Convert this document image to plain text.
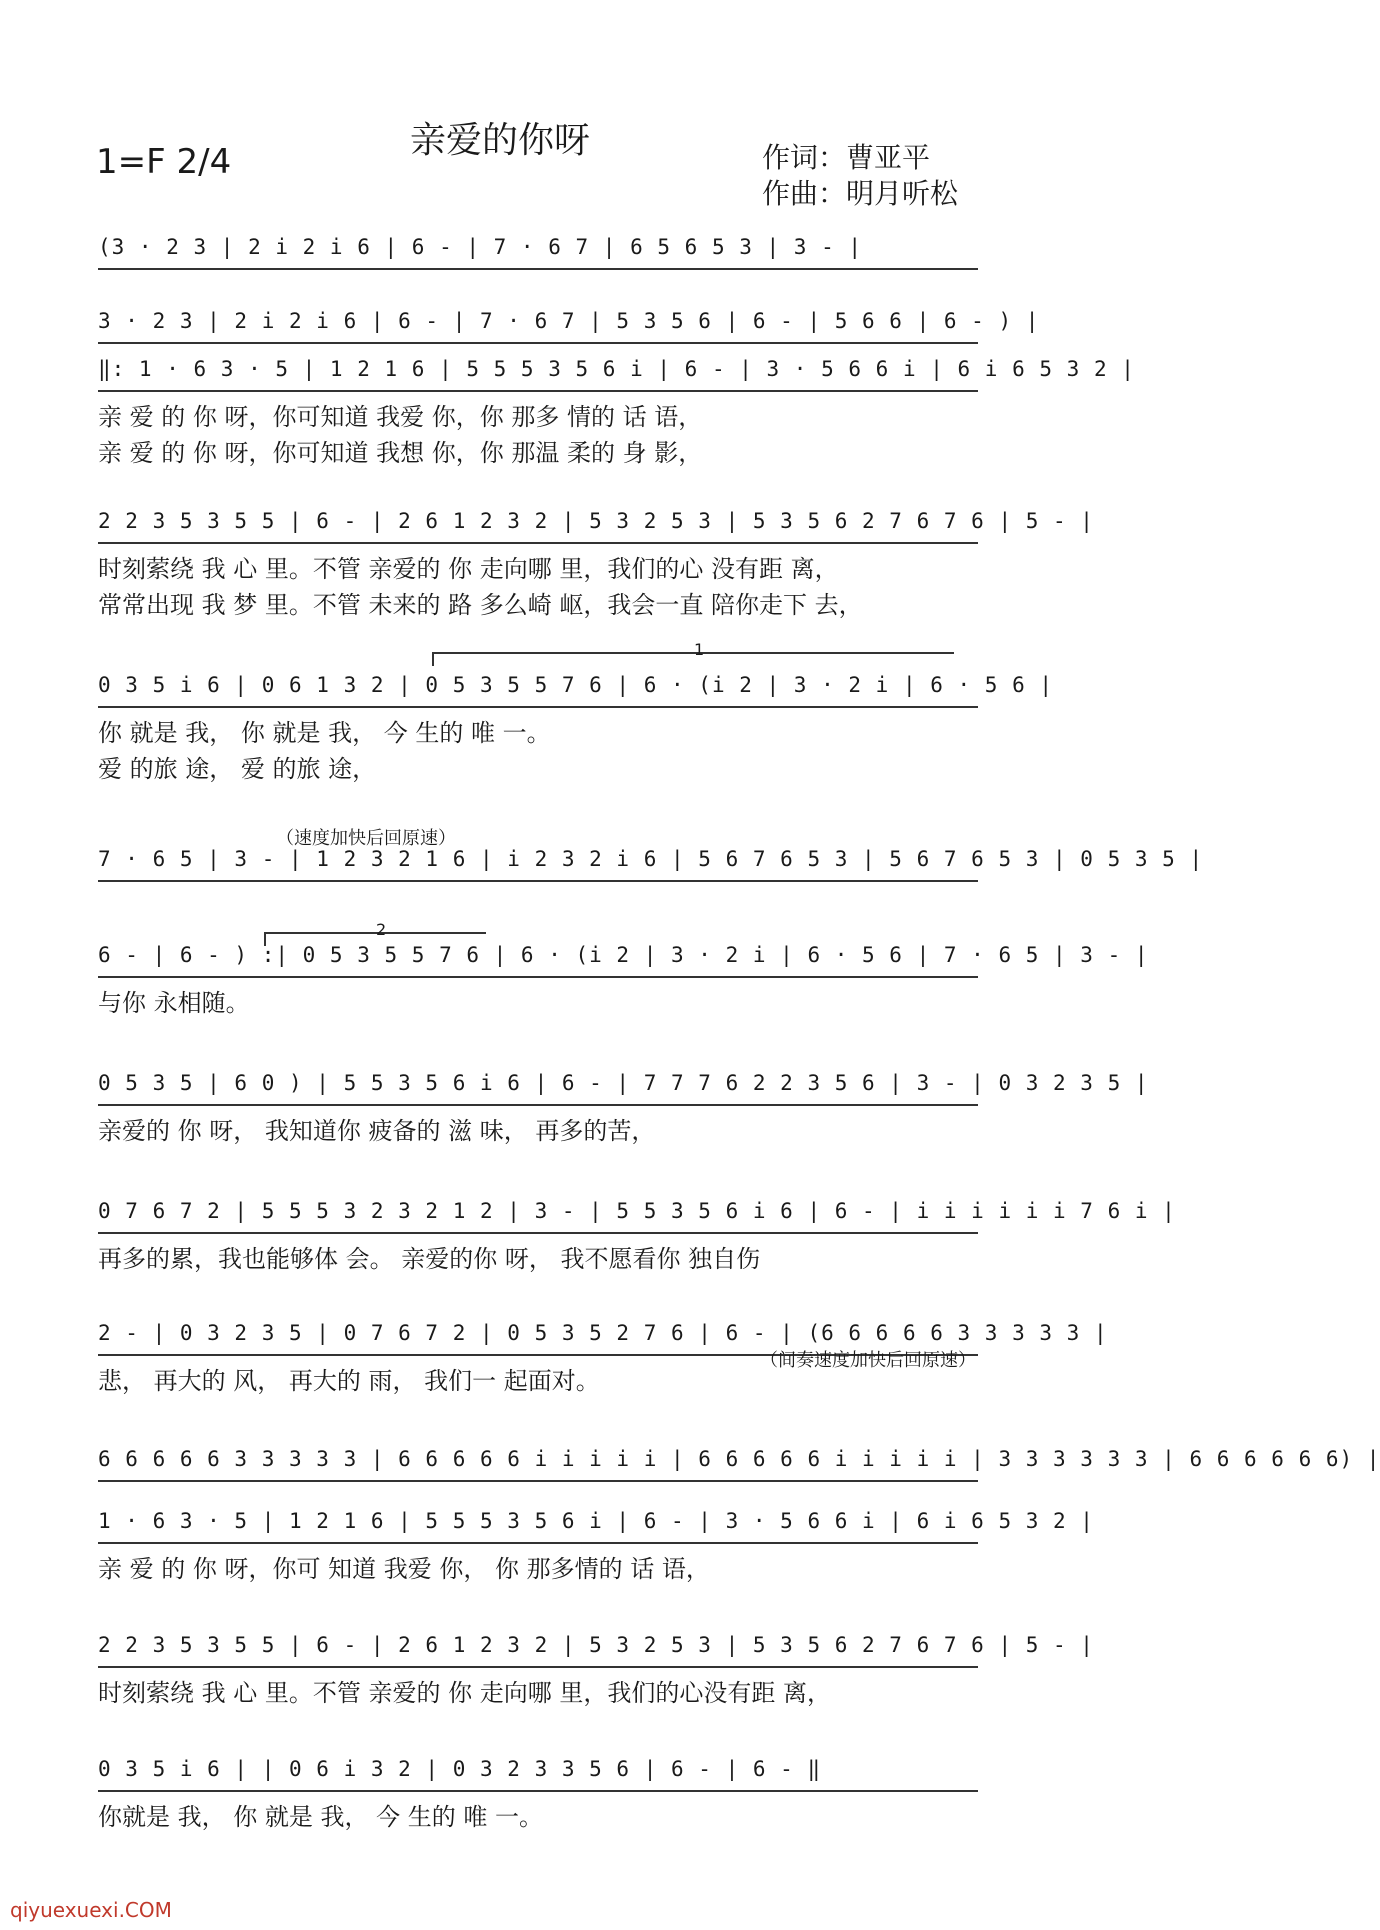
1=F 2/4
亲爱的你呀	作词：曹亚平
作曲：明月听松
(3 · 2 3 | 2 i 2 i 6 | 6 - | 7 · 6 7 | 6 5 6 5 3 | 3 - |
3 · 2 3 | 2 i 2 i 6 | 6 - | 7 · 6 7 | 5 3 5 6 | 6 - | 5 6 6 | 6 - ) |
‖: 1 · 6 3 · 5 | 1 2 1 6 | 5 5 5 3 5 6 i | 6 - | 3 · 5 6 6 i | 6 i 6 5 3 2 |
亲 爱 的 你 呀，你可知道 我爱 你，你 那多 情的 话 语，
亲 爱 的 你 呀，你可知道 我想 你，你 那温 柔的 身 影，
2 2 3 5 3 5 5 | 6 - | 2 6 1 2 3 2 | 5 3 2 5 3 | 5 3 5 6 2 7 6 7 6 | 5 - |
时刻萦绕 我 心 里。不管 亲爱的 你 走向哪 里，我们的心 没有距 离，
常常出现 我 梦 里。不管 未来的 路 多么崎 岖，我会一直 陪你走下 去，
0 3 5 i 6 | 0 6 1 3 2 | 0 5 3 5 5 7 6 | 6 · (i 2 | 3 · 2 i | 6 · 5 6 |
你 就是 我， 你 就是 我， 今 生的 唯 一。
爱 的旅 途， 爱 的旅 途，
7 · 6 5 | 3 - | 1 2 3 2 1 6 | i 2 3 2 i 6 | 5 6 7 6 5 3 | 5 6 7 6 5 3 | 0 5 3 5 |
6 - | 6 - ) :| 0 5 3 5 5 7 6 | 6 · (i 2 | 3 · 2 i | 6 · 5 6 | 7 · 6 5 | 3 - |
与你 永相随。
0 5 3 5 | 6 0 ) | 5 5 3 5 6 i 6 | 6 - | 7 7 7 6 2 2 3 5 6 | 3 - | 0 3 2 3 5 |
亲爱的 你 呀， 我知道你 疲备的 滋 味， 再多的苦，
0 7 6 7 2 | 5 5 5 3 2 3 2 1 2 | 3 - | 5 5 3 5 6 i 6 | 6 - | i i i i i i 7 6 i |
再多的累，我也能够体 会。 亲爱的你 呀， 我不愿看你 独自伤
2 - | 0 3 2 3 5 | 0 7 6 7 2 | 0 5 3 5 2 7 6 | 6 - | (6 6 6 6 6 3 3 3 3 3 |
悲， 再大的 风， 再大的 雨， 我们一 起面对。
6 6 6 6 6 3 3 3 3 3 | 6 6 6 6 6 i i i i i | 6 6 6 6 6 i i i i i | 3 3 3 3 3 3 | 6 6 6 6 6 6) |
1 · 6 3 · 5 | 1 2 1 6 | 5 5 5 3 5 6 i | 6 - | 3 · 5 6 6 i | 6 i 6 5 3 2 |
亲 爱 的 你 呀，你可 知道 我爱 你， 你 那多情的 话 语，
2 2 3 5 3 5 5 | 6 - | 2 6 1 2 3 2 | 5 3 2 5 3 | 5 3 5 6 2 7 6 7 6 | 5 - |
时刻萦绕 我 心 里。不管 亲爱的 你 走向哪 里，我们的心没有距 离，
0 3 5 i 6 | | 0 6 i 3 2 | 0 3 2 3 3 5 6 | 6 - | 6 - ‖
你就是 我， 你 就是 我， 今 生的 唯 一。
（速度加快后回原速）
（间奏速度加快后回原速）
1
2
qiyuexuexi.COM
